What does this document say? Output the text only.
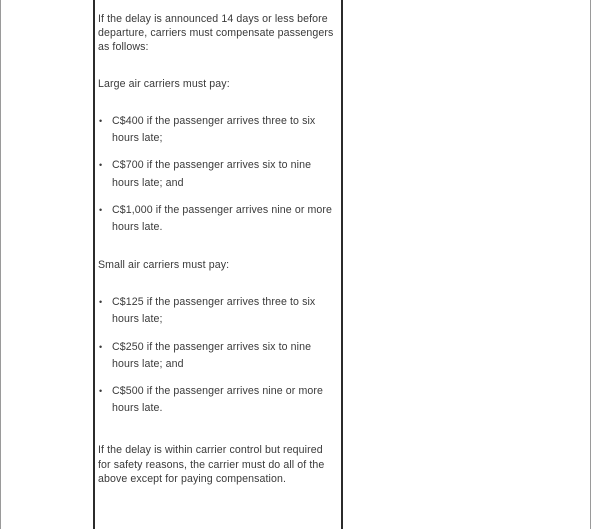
If the delay is announced 14 days or less before departure, carriers must compensate passengers as follows:

Large air carriers must pay:

• C$400 if the passenger arrives three to six hours late;
• C$700 if the passenger arrives six to nine hours late; and
• C$1,000 if the passenger arrives nine or more hours late.

Small air carriers must pay:

• C$125 if the passenger arrives three to six hours late;
• C$250 if the passenger arrives six to nine hours late; and
• C$500 if the passenger arrives nine or more hours late.

If the delay is within carrier control but required for safety reasons, the carrier must do all of the above except for paying compensation.
